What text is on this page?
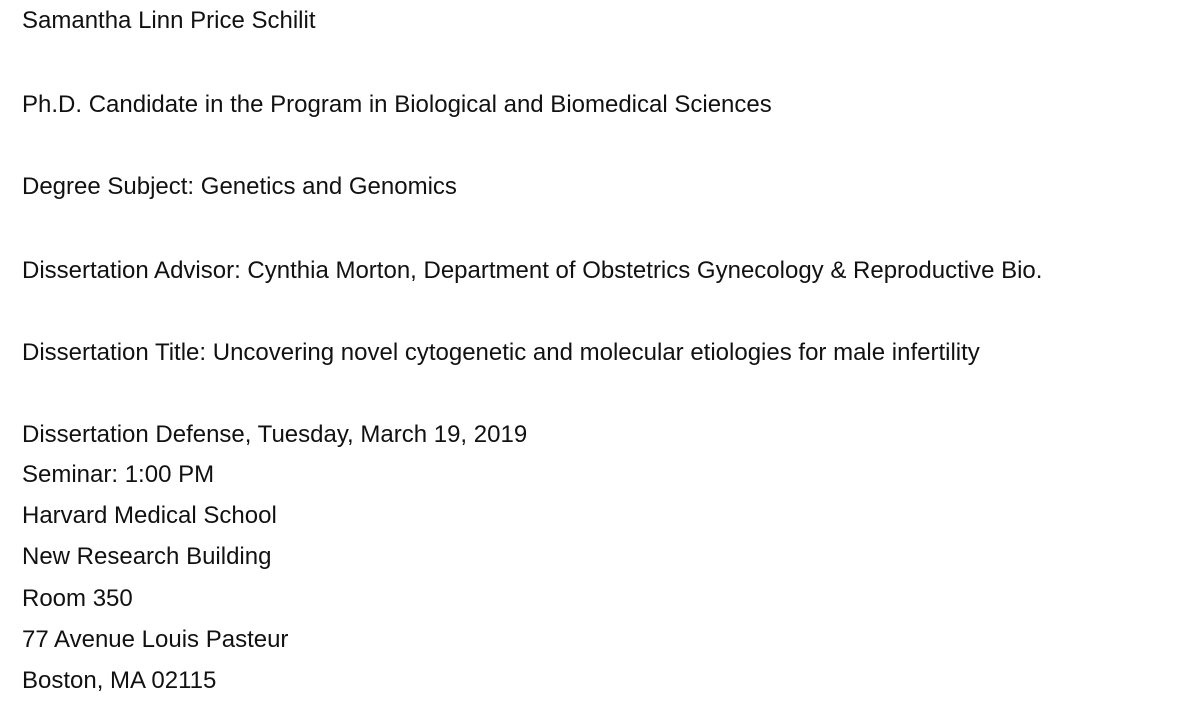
Samantha Linn Price Schilit
Ph.D. Candidate in the Program in Biological and Biomedical Sciences
Degree Subject: Genetics and Genomics
Dissertation Advisor: Cynthia Morton, Department of Obstetrics Gynecology & Reproductive Bio.
Dissertation Title: Uncovering novel cytogenetic and molecular etiologies for male infertility
Dissertation Defense, Tuesday, March 19, 2019
Seminar: 1:00 PM
Harvard Medical School
New Research Building
Room 350
77 Avenue Louis Pasteur
Boston, MA 02115
